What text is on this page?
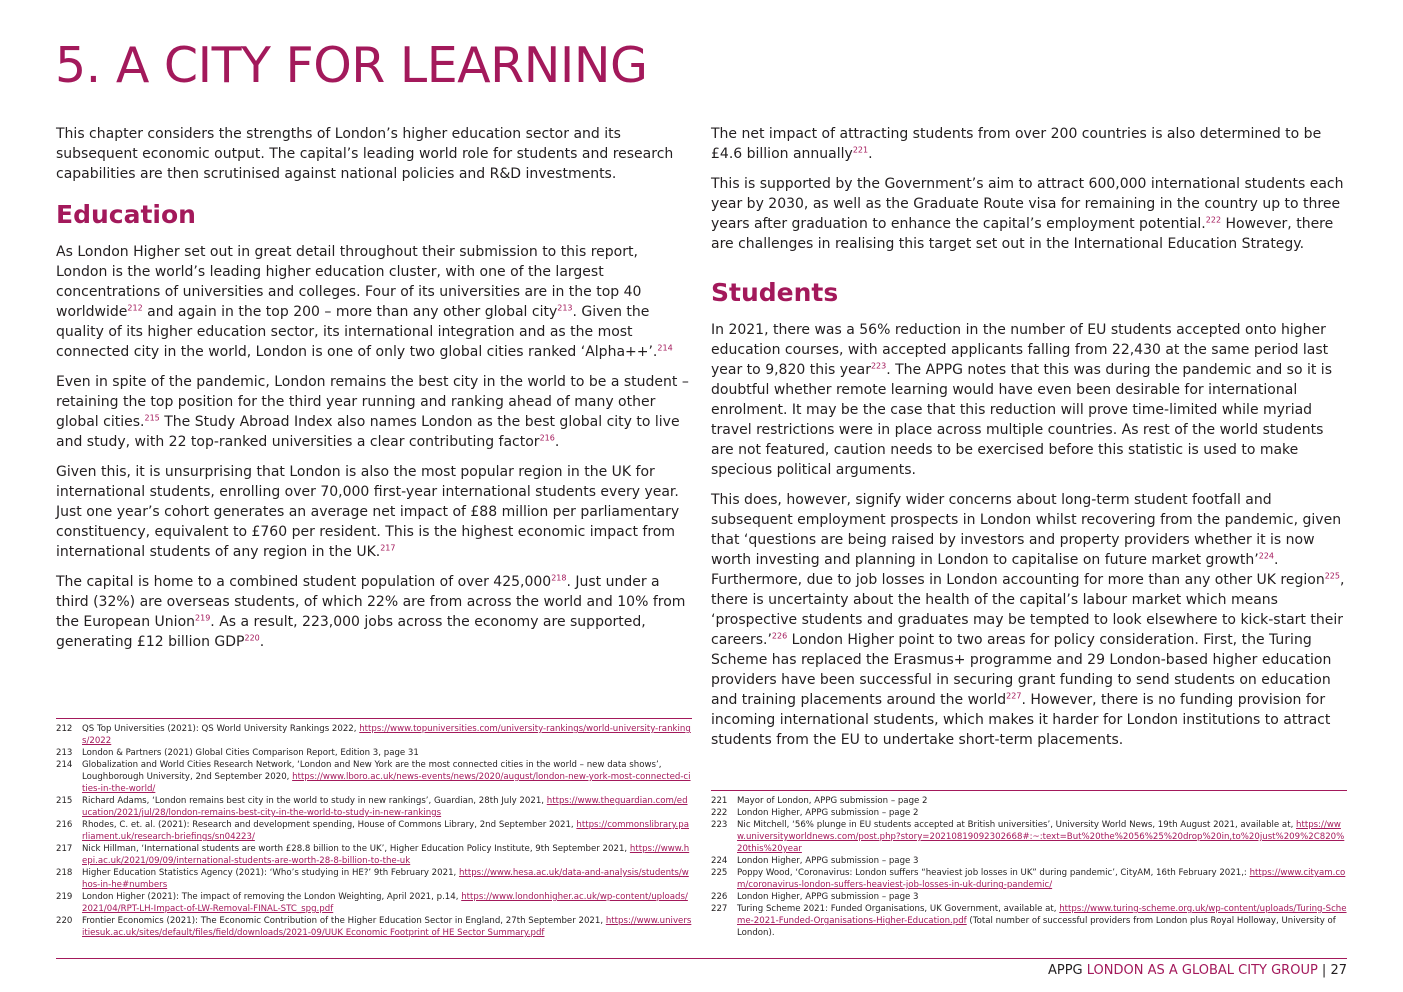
5. A CITY FOR LEARNING

This chapter considers the strengths of London’s higher education sector and its subsequent economic output. The capital’s leading world role for students and research capabilities are then scrutinised against national policies and R&D investments.

Education

As London Higher set out in great detail throughout their submission to this report, London is the world’s leading higher education cluster, with one of the largest concentrations of universities and colleges. Four of its universities are in the top 40 worldwide$^{212}$ and again in the top 200 – more than any other global city$^{213}$. Given the quality of its higher education sector, its international integration and as the most connected city in the world, London is one of only two global cities ranked ‘Alpha++’.$^{214}$

Even in spite of the pandemic, London remains the best city in the world to be a student – retaining the top position for the third year running and ranking ahead of many other global cities.$^{215}$ The Study Abroad Index also names London as the best global city to live and study, with 22 top-ranked universities a clear contributing factor$^{216}$.

Given this, it is unsurprising that London is also the most popular region in the UK for international students, enrolling over 70,000 first-year international students every year. Just one year’s cohort generates an average net impact of £88 million per parliamentary constituency, equivalent to £760 per resident. This is the highest economic impact from international students of any region in the UK.$^{217}$

The capital is home to a combined student population of over 425,000$^{218}$. Just under a third (32%) are overseas students, of which 22% are from across the world and 10% from the European Union$^{219}$. As a result, 223,000 jobs across the economy are supported, generating £12 billion GDP$^{220}$.

The net impact of attracting students from over 200 countries is also determined to be £4.6 billion annually$^{221}$.

This is supported by the Government’s aim to attract 600,000 international students each year by 2030, as well as the Graduate Route visa for remaining in the country up to three years after graduation to enhance the capital’s employment potential.$^{222}$ However, there are challenges in realising this target set out in the International Education Strategy.

Students

In 2021, there was a 56% reduction in the number of EU students accepted onto higher education courses, with accepted applicants falling from 22,430 at the same period last year to 9,820 this year$^{223}$. The APPG notes that this was during the pandemic and so it is doubtful whether remote learning would have even been desirable for international enrolment. It may be the case that this reduction will prove time-limited while myriad travel restrictions were in place across multiple countries. As rest of the world students are not featured, caution needs to be exercised before this statistic is used to make specious political arguments.

This does, however, signify wider concerns about long-term student footfall and subsequent employment prospects in London whilst recovering from the pandemic, given that ‘questions are being raised by investors and property providers whether it is now worth investing and planning in London to capitalise on future market growth’$^{224}$. Furthermore, due to job losses in London accounting for more than any other UK region$^{225}$, there is uncertainty about the health of the capital’s labour market which means ‘prospective students and graduates may be tempted to look elsewhere to kick-start their careers.’$^{226}$ London Higher point to two areas for policy consideration. First, the Turing Scheme has replaced the Erasmus+ programme and 29 London-based higher education providers have been successful in securing grant funding to send students on education and training placements around the world$^{227}$. However, there is no funding provision for incoming international students, which makes it harder for London institutions to attract students from the EU to undertake short-term placements.

212	QS Top Universities (2021): QS World University Rankings 2022, https://www.topuniversities.com/university-rankings/world-university-rankings/2022
213	London & Partners (2021) Global Cities Comparison Report, Edition 3, page 31
214	Globalization and World Cities Research Network, ‘London and New York are the most connected cities in the world – new data shows’, Loughborough University, 2nd September 2020, https://www.lboro.ac.uk/news-events/news/2020/august/london-new-york-most-connected-cities-in-the-world/
215	Richard Adams, ‘London remains best city in the world to study in new rankings’, Guardian, 28th July 2021, https://www.theguardian.com/education/2021/jul/28/london-remains-best-city-in-the-world-to-study-in-new-rankings
216	Rhodes, C. et. al. (2021): Research and development spending, House of Commons Library, 2nd September 2021, https://commonslibrary.parliament.uk/research-briefings/sn04223/
217	Nick Hillman, ‘International students are worth £28.8 billion to the UK’, Higher Education Policy Institute, 9th September 2021, https://www.hepi.ac.uk/2021/09/09/international-students-are-worth-28-8-billion-to-the-uk
218	Higher Education Statistics Agency (2021): ‘Who’s studying in HE?’ 9th February 2021, https://www.hesa.ac.uk/data-and-analysis/students/whos-in-he#numbers
219	London Higher (2021): The impact of removing the London Weighting, April 2021, p.14, https://www.londonhigher.ac.uk/wp-content/uploads/2021/04/RPT-LH-Impact-of-LW-Removal-FINAL-STC_spg.pdf
220	Frontier Economics (2021): The Economic Contribution of the Higher Education Sector in England, 27th September 2021, https://www.universitiesuk.ac.uk/sites/default/files/field/downloads/2021-09/UUK Economic Footprint of HE Sector Summary.pdf
221	Mayor of London, APPG submission – page 2
222	London Higher, APPG submission – page 2
223	Nic Mitchell, ‘56% plunge in EU students accepted at British universities’, University World News, 19th August 2021, available at, https://www.universityworldnews.com/post.php?story=20210819092302668#:~:text=But%20the%2056%25%20drop%20in,to%20just%209%2C820%20this%20year
224	London Higher, APPG submission – page 3
225	Poppy Wood, ‘Coronavirus: London suffers “heaviest job losses in UK” during pandemic’, CityAM, 16th February 2021,: https://www.cityam.com/coronavirus-london-suffers-heaviest-job-losses-in-uk-during-pandemic/
226	London Higher, APPG submission – page 3
227	Turing Scheme 2021: Funded Organisations, UK Government, available at, https://www.turing-scheme.org.uk/wp-content/uploads/Turing-Scheme-2021-Funded-Organisations-Higher-Education.pdf (Total number of successful providers from London plus Royal Holloway, University of London).
APPG LONDON AS A GLOBAL CITY GROUP | 27
